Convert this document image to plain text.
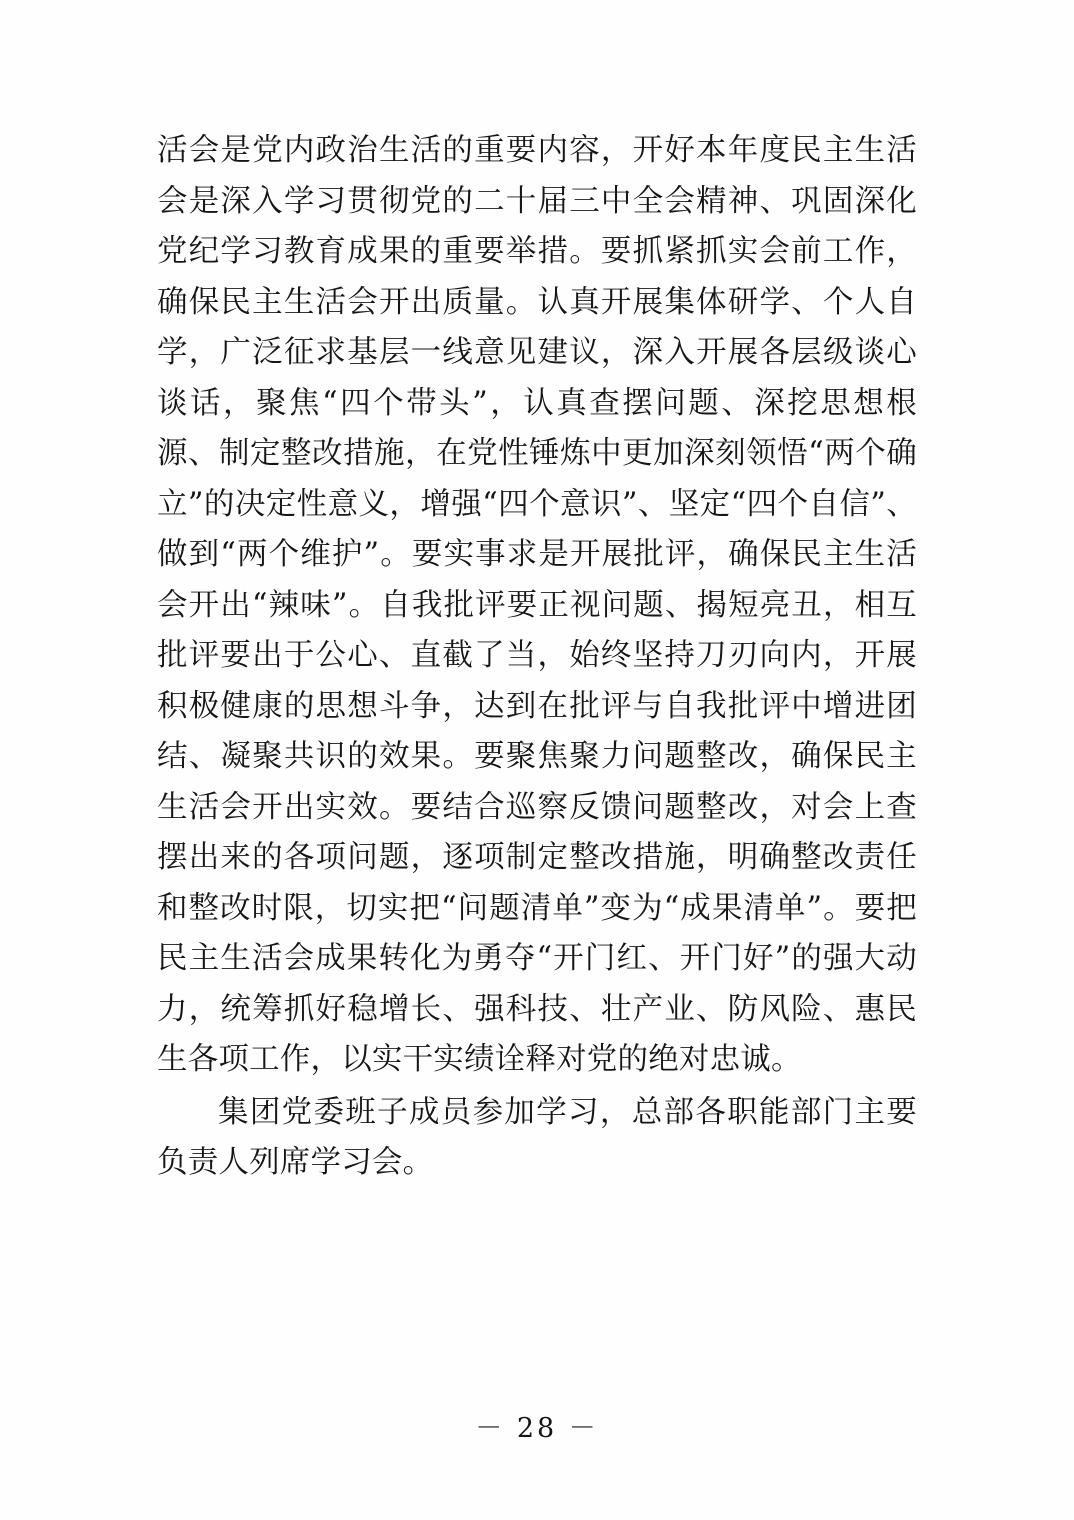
活会是党内政治生活的重要内容，开好本年度民主生活会是深入学习贯彻党的二十届三中全会精神、巩固深化党纪学习教育成果的重要举措。要抓紧抓实会前工作，确保民主生活会开出质量。认真开展集体研学、个人自学，广泛征求基层一线意见建议，深入开展各层级谈心谈话，聚焦“四个带头”，认真查摆问题、深挖思想根源、制定整改措施，在党性锤炼中更加深刻领悟“两个确立”的决定性意义，增强“四个意识”、坚定“四个自信”、做到“两个维护”。要实事求是开展批评，确保民主生活会开出“辣味”。自我批评要正视问题、揭短亮丑，相互批评要出于公心、直截了当，始终坚持刀刃向内，开展积极健康的思想斗争，达到在批评与自我批评中增进团结、凝聚共识的效果。要聚焦聚力问题整改，确保民主生活会开出实效。要结合巡察反馈问题整改，对会上查摆出来的各项问题，逐项制定整改措施，明确整改责任和整改时限，切实把“问题清单”变为“成果清单”。要把民主生活会成果转化为勇夺“开门红、开门好”的强大动力，统筹抓好稳增长、强科技、壮产业、防风险、惠民生各项工作，以实干实绩诠释对党的绝对忠诚。

集团党委班子成员参加学习，总部各职能部门主要负责人列席学习会。

－ 28 －
